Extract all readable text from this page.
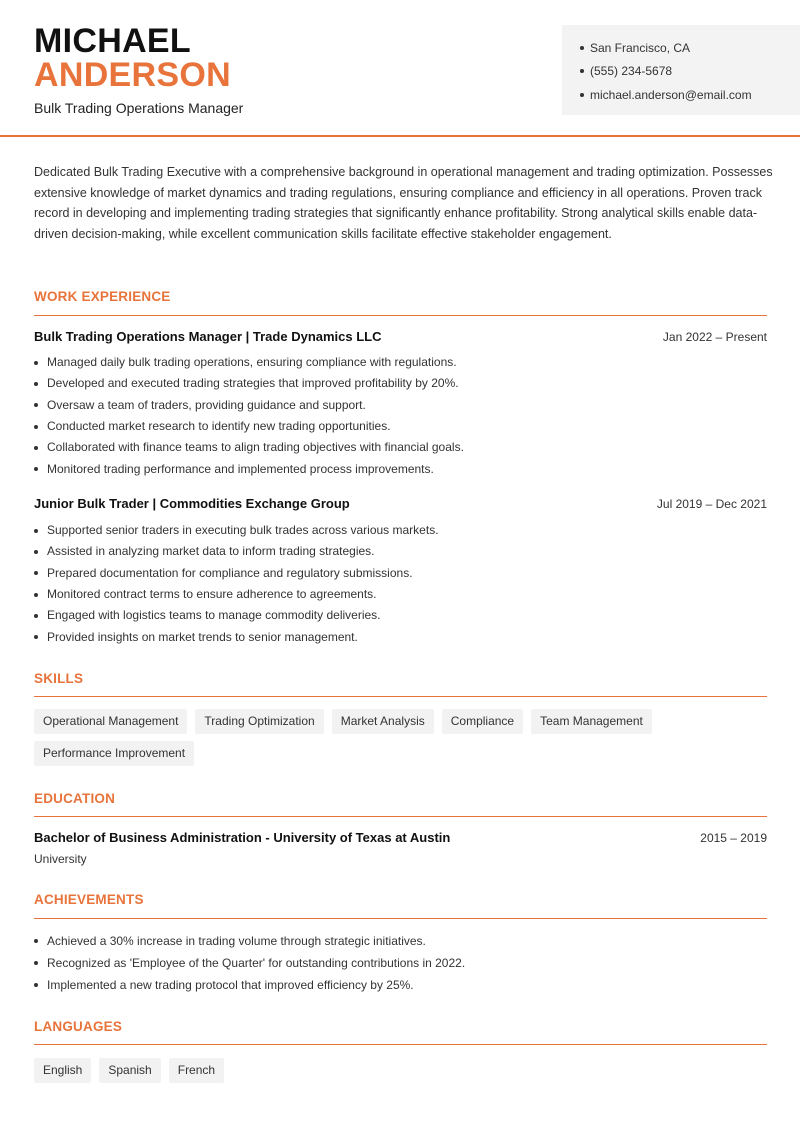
MICHAEL
ANDERSON
Bulk Trading Operations Manager
San Francisco, CA
(555) 234-5678
michael.anderson@email.com

Dedicated Bulk Trading Executive with a comprehensive background in operational management and trading optimization. Possesses extensive knowledge of market dynamics and trading regulations, ensuring compliance and efficiency in all operations. Proven track record in developing and implementing trading strategies that significantly enhance profitability. Strong analytical skills enable data-driven decision-making, while excellent communication skills facilitate effective stakeholder engagement.

WORK EXPERIENCE
Bulk Trading Operations Manager | Trade Dynamics LLC	Jan 2022 – Present
Managed daily bulk trading operations, ensuring compliance with regulations.
Developed and executed trading strategies that improved profitability by 20%.
Oversaw a team of traders, providing guidance and support.
Conducted market research to identify new trading opportunities.
Collaborated with finance teams to align trading objectives with financial goals.
Monitored trading performance and implemented process improvements.
Junior Bulk Trader | Commodities Exchange Group	Jul 2019 – Dec 2021
Supported senior traders in executing bulk trades across various markets.
Assisted in analyzing market data to inform trading strategies.
Prepared documentation for compliance and regulatory submissions.
Monitored contract terms to ensure adherence to agreements.
Engaged with logistics teams to manage commodity deliveries.
Provided insights on market trends to senior management.
SKILLS
Operational Management	Trading Optimization	Market Analysis	Compliance	Team Management
Performance Improvement
EDUCATION
Bachelor of Business Administration - University of Texas at Austin	2015 – 2019
University
ACHIEVEMENTS
Achieved a 30% increase in trading volume through strategic initiatives.
Recognized as 'Employee of the Quarter' for outstanding contributions in 2022.
Implemented a new trading protocol that improved efficiency by 25%.
LANGUAGES
English	Spanish	French
